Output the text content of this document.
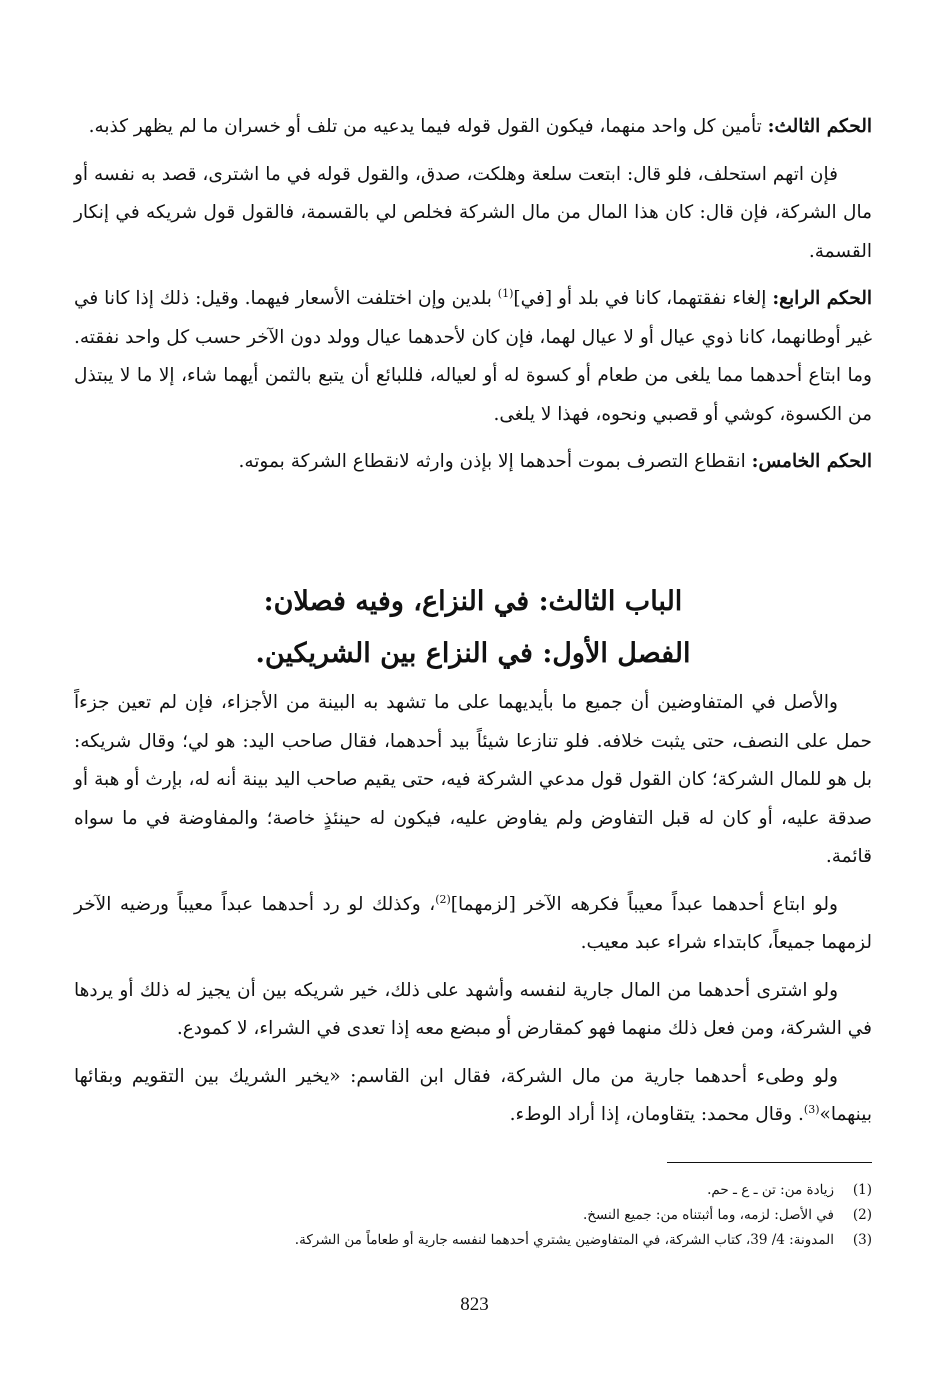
الحكم الثالث: تأمين كل واحد منهما، فيكون القول قوله فيما يدعيه من تلف أو خسران ما لم يظهر كذبه.

فإن اتهم استحلف، فلو قال: ابتعت سلعة وهلكت، صدق، والقول قوله في ما اشترى، قصد به نفسه أو مال الشركة، فإن قال: كان هذا المال من مال الشركة فخلص لي بالقسمة، فالقول قول شريكه في إنكار القسمة.

الحكم الرابع: إلغاء نفقتهما، كانا في بلد أو [في]$^{(1)}$ بلدين وإن اختلفت الأسعار فيهما. وقيل: ذلك إذا كانا في غير أوطانهما، كانا ذوي عيال أو لا عيال لهما، فإن كان لأحدهما عيال وولد دون الآخر حسب كل واحد نفقته. وما ابتاع أحدهما مما يلغى من طعام أو كسوة له أو لعياله، فللبائع أن يتبع بالثمن أيهما شاء، إلا ما لا يبتذل من الكسوة، كوشي أو قصبي ونحوه، فهذا لا يلغى.

الحكم الخامس: انقطاع التصرف بموت أحدهما إلا بإذن وارثه لانقطاع الشركة بموته.

الباب الثالث: في النزاع، وفيه فصلان:
الفصل الأول: في النزاع بين الشريكين.

والأصل في المتفاوضين أن جميع ما بأيديهما على ما تشهد به البينة من الأجزاء، فإن لم تعين جزءاً حمل على النصف، حتى يثبت خلافه. فلو تنازعا شيئاً بيد أحدهما، فقال صاحب اليد: هو لي؛ وقال شريكه: بل هو للمال الشركة؛ كان القول قول مدعي الشركة فيه، حتى يقيم صاحب اليد بينة أنه له، بإرث أو هبة أو صدقة عليه، أو كان له قبل التفاوض ولم يفاوض عليه، فيكون له حينئذٍ خاصة؛ والمفاوضة في ما سواه قائمة.

ولو ابتاع أحدهما عبداً معيباً فكرهه الآخر [لزمهما]$^{(2)}$، وكذلك لو رد أحدهما عبداً معيباً ورضيه الآخر لزمهما جميعاً، كابتداء شراء عبد معيب.

ولو اشترى أحدهما من المال جارية لنفسه وأشهد على ذلك، خير شريكه بين أن يجيز له ذلك أو يردها في الشركة، ومن فعل ذلك منهما فهو كمقارض أو مبضع معه إذا تعدى في الشراء، لا كمودع.

ولو وطىء أحدهما جارية من مال الشركة، فقال ابن القاسم: «يخير الشريك بين التقويم وبقائها بينهما»$^{(3)}$. وقال محمد: يتقاومان، إذا أراد الوطء.

(1)
زيادة من: تن ـ ع ـ حم.
(2)
في الأصل: لزمه، وما أثبتناه من: جميع النسخ.
(3)
المدونة: 4/ 39، كتاب الشركة، في المتفاوضين يشتري أحدهما لنفسه جارية أو طعاماً من الشركة.
823
